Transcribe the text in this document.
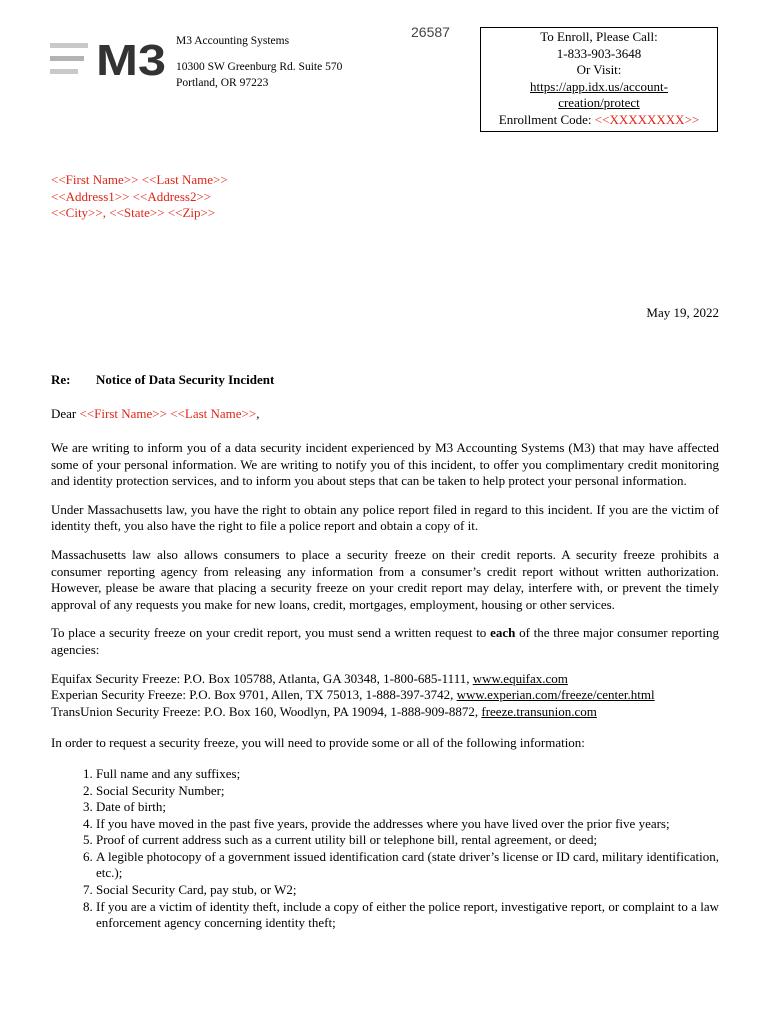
M3 M3 Accounting Systems
10300 SW Greenburg Rd. Suite 570
Portland, OR 97223
26587	To Enroll, Please Call:
1-833-903-3648
Or Visit:
https://app.idx.us/account-
creation/protect
Enrollment Code: <<XXXXXXXX>>
<<First Name>> <<Last Name>>
<<Address1>> <<Address2>>
<<City>>, <<State>> <<Zip>>
May 19, 2022
Re: Notice of Data Security Incident
Dear <<First Name>> <<Last Name>>,

We are writing to inform you of a data security incident experienced by M3 Accounting Systems (M3) that may have affected some of your personal information. We are writing to notify you of this incident, to offer you complimentary credit monitoring and identity protection services, and to inform you about steps that can be taken to help protect your personal information.

Under Massachusetts law, you have the right to obtain any police report filed in regard to this incident. If you are the victim of identity theft, you also have the right to file a police report and obtain a copy of it.

Massachusetts law also allows consumers to place a security freeze on their credit reports. A security freeze prohibits a consumer reporting agency from releasing any information from a consumer’s credit report without written authorization. However, please be aware that placing a security freeze on your credit report may delay, interfere with, or prevent the timely approval of any requests you make for new loans, credit, mortgages, employment, housing or other services.

To place a security freeze on your credit report, you must send a written request to each of the three major consumer reporting agencies:

Equifax Security Freeze: P.O. Box 105788, Atlanta, GA 30348, 1-800-685-1111, www.equifax.com
Experian Security Freeze: P.O. Box 9701, Allen, TX 75013, 1-888-397-3742, www.experian.com/freeze/center.html
TransUnion Security Freeze: P.O. Box 160, Woodlyn, PA 19094, 1-888-909-8872, freeze.transunion.com

In order to request a security freeze, you will need to provide some or all of the following information:

1. Full name and any suffixes;
2. Social Security Number;
3. Date of birth;
4. If you have moved in the past five years, provide the addresses where you have lived over the prior five years;
5. Proof of current address such as a current utility bill or telephone bill, rental agreement, or deed;
6. A legible photocopy of a government issued identification card (state driver’s license or ID card, military identification, etc.);
7. Social Security Card, pay stub, or W2;
8. If you are a victim of identity theft, include a copy of either the police report, investigative report, or complaint to a law enforcement agency concerning identity theft;
